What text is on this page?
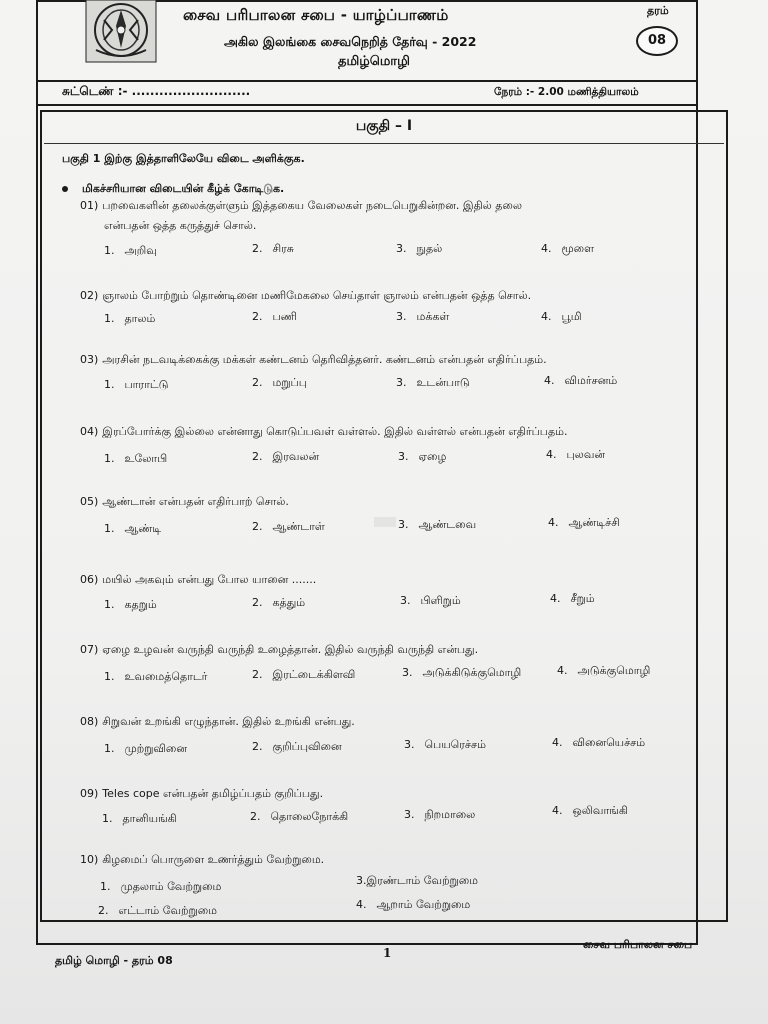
சைவ பரிபாலன சபை - யாழ்ப்பாணம்
அகில இலங்கை சைவநெறித் தேர்வு - 2022
தமிழ்மொழி
தரம்
08
சுட்டெண் :- ..........................	நேரம் :- 2.00 மணித்தியாலம்
பகுதி – I
பகுதி 1 இற்கு இத்தாளிலேயே விடை அளிக்குக.
மிகச்சரியான விடையின் கீழ்க் கோடிடுக.
01) பறவைகளின் தலைக்குள்ளும் இத்தகைய வேலைகள் நடைபெறுகின்றன. இதில் தலை
என்பதன் ஒத்த கருத்துச் சொல்.
1. அறிவு	2. சிரசு	3. நுதல்	4. மூளை
02) ஞாலம் போற்றும் தொண்டினை மணிமேகலை செய்தாள் ஞாலம் என்பதன் ஒத்த சொல்.
1. தாலம்	2. பணி	3. மக்கள்	4. பூமி
03) அரசின் நடவடிக்கைக்கு மக்கள் கண்டனம் தெரிவித்தனர். கண்டனம் என்பதன் எதிர்ப்பதம்.
1. பாராட்டு	2. மறுப்பு	3. உடன்பாடு	4. விமர்சனம்
04) இரப்போர்க்கு இல்லை என்னாது கொடுப்பவள் வள்ளல். இதில் வள்ளல் என்பதன் எதிர்ப்பதம்.
1. உலோபி	2. இரவலன்	3. ஏழை	4. புலவன்
05) ஆண்டான் என்பதன் எதிர்பாற் சொல்.
1. ஆண்டி	2. ஆண்டாள்	3. ஆண்டவை	4. ஆண்டிச்சி
06) மயில் அகவும் என்பது போல யானை .......
1. கதறும்	2. கத்தும்	3. பிளிறும்	4. சீறும்
07) ஏழை உழவன் வருந்தி வருந்தி உழைத்தான். இதில் வருந்தி வருந்தி என்பது.
1. உவமைத்தொடர்	2. இரட்டைக்கிளவி	3. அடுக்கிடுக்குமொழி	4. அடுக்குமொழி
08) சிறுவன் உறங்கி எழுந்தான். இதில் உறங்கி என்பது.
1. முற்றுவினை	2. குறிப்புவினை	3. பெயரெச்சம்	4. வினையெச்சம்
09) Teles cope என்பதன் தமிழ்ப்பதம் குறிப்பது.
1. தானியங்கி	2. தொலைநோக்கி	3. நிறமாலை	4. ஒலிவாங்கி
10) கிழமைப் பொருளை உணர்த்தும் வேற்றுமை.
1. முதலாம் வேற்றுமை	3.இரண்டாம் வேற்றுமை
2. எட்டாம் வேற்றுமை	4. ஆறாம் வேற்றுமை
தமிழ் மொழி - தரம் 08
1
சைவ பரிபாலன சபை
